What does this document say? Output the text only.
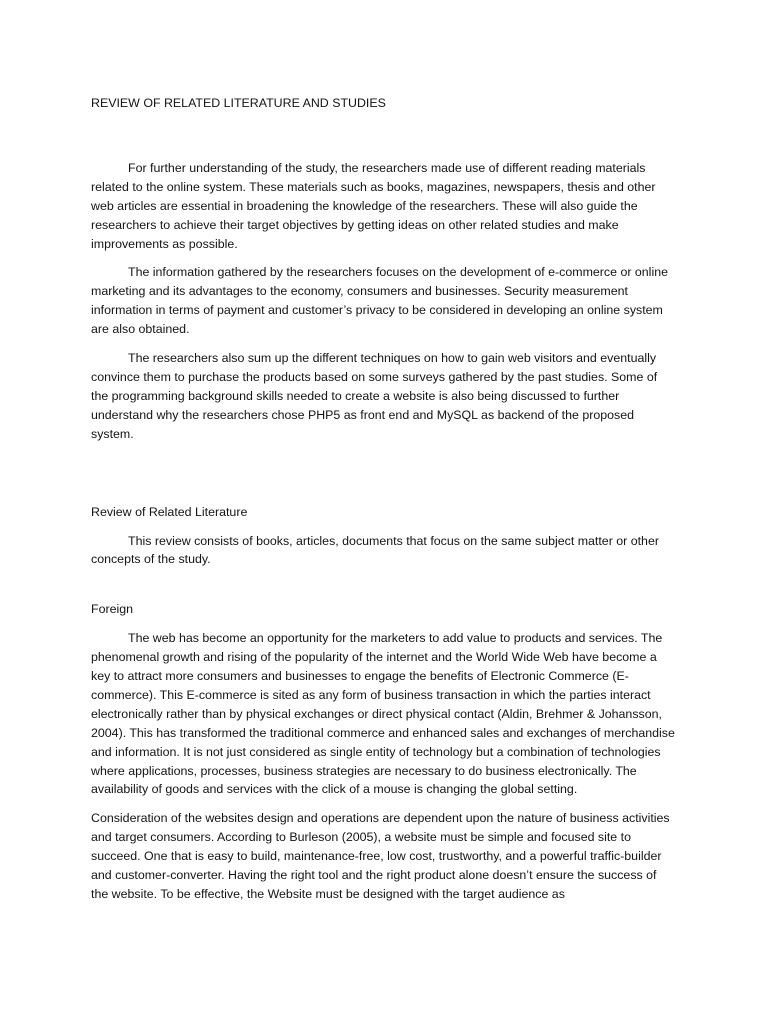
REVIEW OF RELATED LITERATURE AND STUDIES

For further understanding of the study, the researchers made use of different reading materials related to the online system. These materials such as books, magazines, newspapers, thesis and other web articles are essential in broadening the knowledge of the researchers. These will also guide the researchers to achieve their target objectives by getting ideas on other related studies and make improvements as possible.

The information gathered by the researchers focuses on the development of e-commerce or online marketing and its advantages to the economy, consumers and businesses. Security measurement information in terms of payment and customer’s privacy to be considered in developing an online system are also obtained.

The researchers also sum up the different techniques on how to gain web visitors and eventually convince them to purchase the products based on some surveys gathered by the past studies. Some of the programming background skills needed to create a website is also being discussed to further understand why the researchers chose PHP5 as front end and MySQL as backend of the proposed system.

Review of Related Literature

This review consists of books, articles, documents that focus on the same subject matter or other concepts of the study.

Foreign

The web has become an opportunity for the marketers to add value to products and services. The phenomenal growth and rising of the popularity of the internet and the World Wide Web have become a key to attract more consumers and businesses to engage the benefits of Electronic Commerce (E-commerce). This E-commerce is sited as any form of business transaction in which the parties interact electronically rather than by physical exchanges or direct physical contact (Aldin, Brehmer & Johansson, 2004). This has transformed the traditional commerce and enhanced sales and exchanges of merchandise and information. It is not just considered as single entity of technology but a combination of technologies where applications, processes, business strategies are necessary to do business electronically. The availability of goods and services with the click of a mouse is changing the global setting.

Consideration of the websites design and operations are dependent upon the nature of business activities and target consumers. According to Burleson (2005), a website must be simple and focused site to succeed. One that is easy to build, maintenance-free, low cost, trustworthy, and a powerful traffic-builder and customer-converter. Having the right tool and the right product alone doesn’t ensure the success of the website. To be effective, the Website must be designed with the target audience as
